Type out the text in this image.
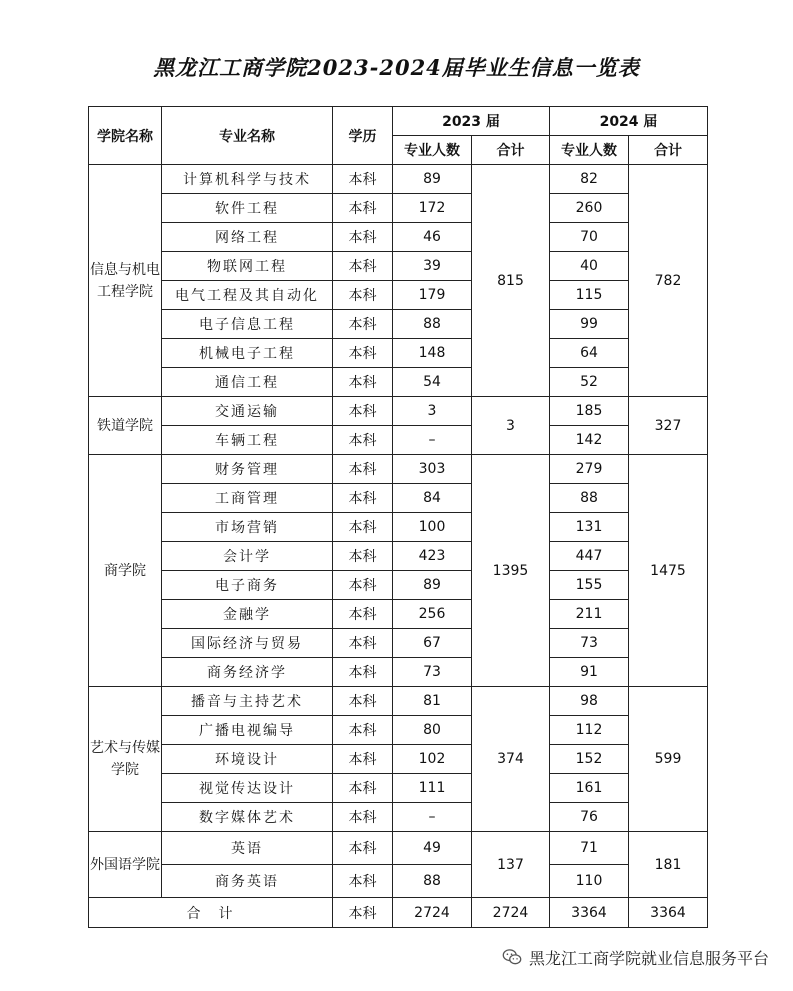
黑龙江工商学院2023-2024届毕业生信息一览表
学院名称	专业名称	学历	2023 届		2024 届	
			专业人数	合计	专业人数	合计
信息与机电工程学院	计算机科学与技术	本科	89	815	82	782
	软件工程	本科	172		260	
	网络工程	本科	46		70	
	物联网工程	本科	39		40	
	电气工程及其自动化	本科	179		115	
	电子信息工程	本科	88		99	
	机械电子工程	本科	148		64	
	通信工程	本科	54		52	
铁道学院	交通运输	本科	3	3	185	327
	车辆工程	本科	–		142	
商学院	财务管理	本科	303	1395	279	1475
	工商管理	本科	84		88	
	市场营销	本科	100		131	
	会计学	本科	423		447	
	电子商务	本科	89		155	
	金融学	本科	256		211	
	国际经济与贸易	本科	67		73	
	商务经济学	本科	73		91	
艺术与传媒学院	播音与主持艺术	本科	81	374	98	599
	广播电视编导	本科	80		112	
	环境设计	本科	102		152	
	视觉传达设计	本科	111		161	
	数字媒体艺术	本科	–		76	
外国语学院	英语	本科	49	137	71	181
	商务英语	本科	88		110	
合　计		本科	2724	2724	3364	3364
黑龙江工商学院就业信息服务平台
